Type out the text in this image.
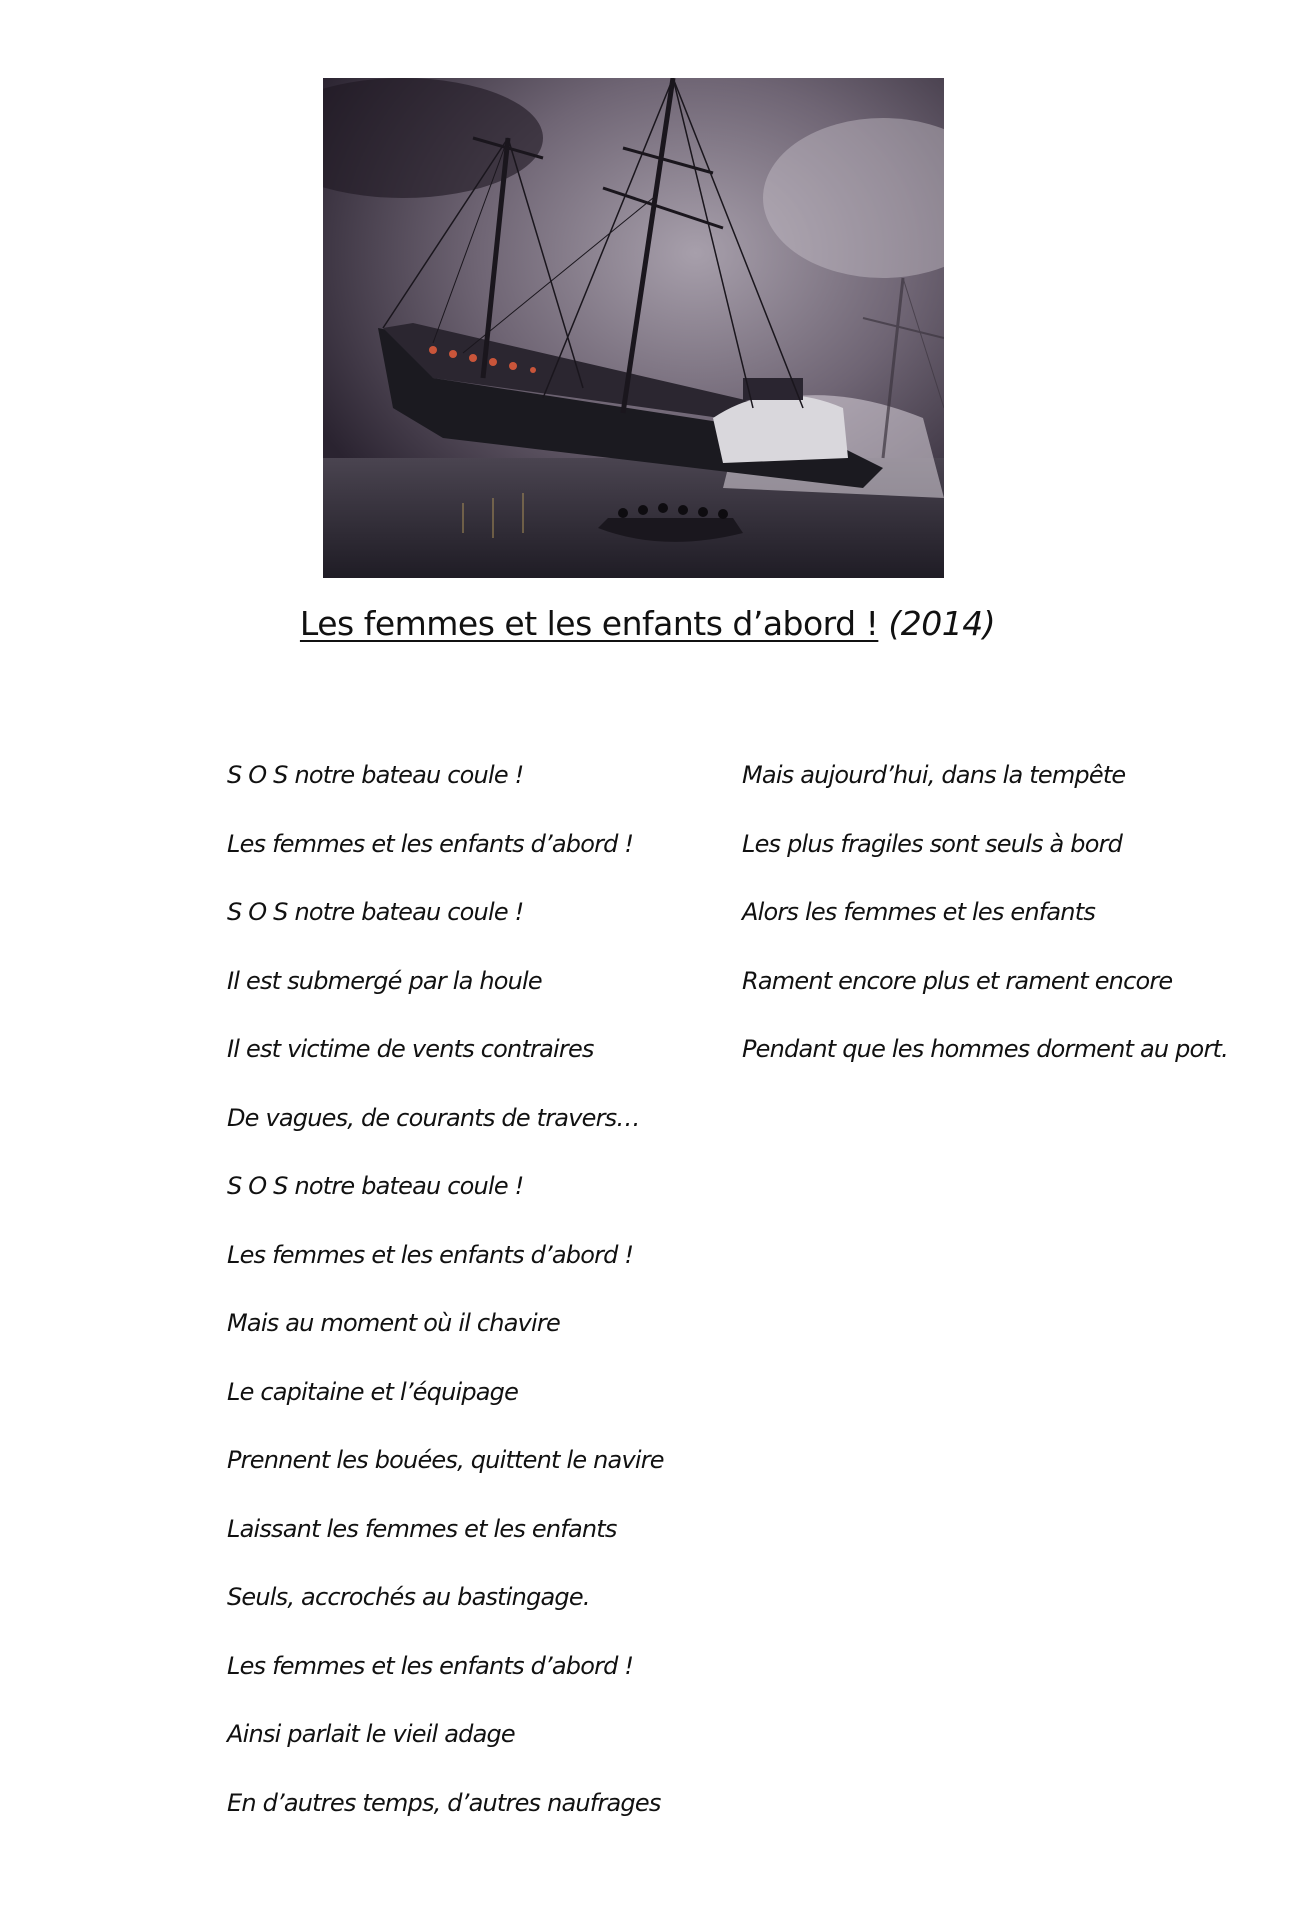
Les femmes et les enfants d’abord ! (2014)
S O S notre bateau coule !
Les femmes et les enfants d’abord !
S O S notre bateau coule !
Il est submergé par la houle
Il est victime de vents contraires
De vagues, de courants de travers…
S O S notre bateau coule !
Les femmes et les enfants d’abord !
Mais au moment où il chavire
Le capitaine et l’équipage
Prennent les bouées, quittent le navire
Laissant les femmes et les enfants
Seuls, accrochés au bastingage.
Les femmes et les enfants d’abord !
Ainsi parlait le vieil adage
En d’autres temps, d’autres naufrages
Mais aujourd’hui, dans la tempête
Les plus fragiles sont seuls à bord
Alors les femmes et les enfants
Rament encore plus et rament encore
Pendant que les hommes dorment au port.
